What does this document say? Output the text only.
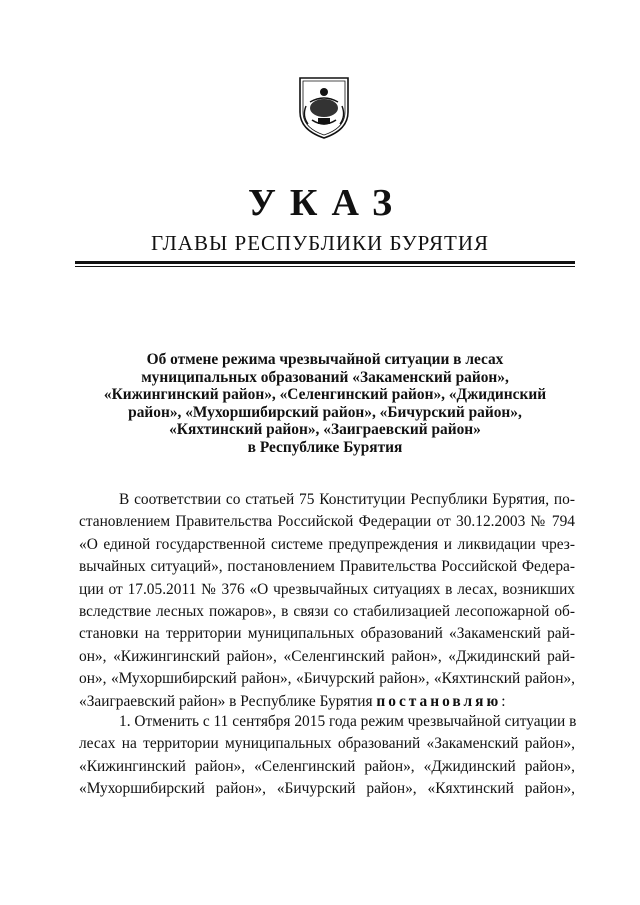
УКАЗ
ГЛАВЫ РЕСПУБЛИКИ БУРЯТИЯ
Об отмене режима чрезвычайной ситуации в лесах
муниципальных образований «Закаменский район»,
«Кижингинский район», «Селенгинский район», «Джидинский
район», «Мухоршибирский район», «Бичурский район»,
«Кяхтинский район», «Заиграевский район»
в Республике Бурятия
В соответствии со статьей 75 Конституции Республики Бурятия, по-
становлением Правительства Российской Федерации от 30.12.2003 № 794
«О единой государственной системе предупреждения и ликвидации чрез-
вычайных ситуаций», постановлением Правительства Российской Федера-
ции от 17.05.2011 № 376 «О чрезвычайных ситуациях в лесах, возникших
вследствие лесных пожаров», в связи со стабилизацией лесопожарной об-
становки на территории муниципальных образований «Закаменский рай-
он», «Кижингинский район», «Селенгинский район», «Джидинский рай-
он», «Мухоршибирский район», «Бичурский район», «Кяхтинский район»,
«Заиграевский район» в Республике Бурятия постановляю:
1. Отменить с 11 сентября 2015 года режим чрезвычайной ситуации в
лесах на территории муниципальных образований «Закаменский район»,
«Кижингинский район», «Селенгинский район», «Джидинский район»,
«Мухоршибирский район», «Бичурский район», «Кяхтинский район»,
